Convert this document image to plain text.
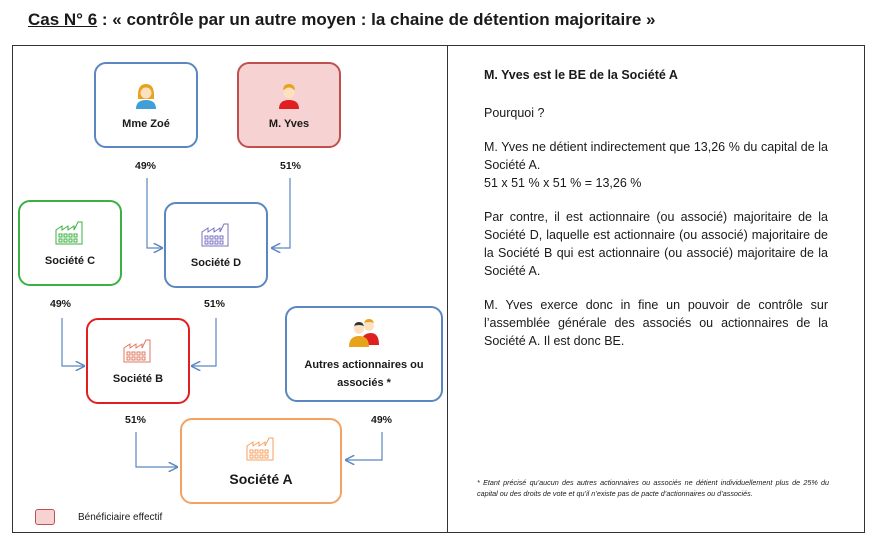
Cas N° 6 : « contrôle par un autre moyen : la chaine de détention majoritaire »
Mme Zoé	M. Yves
49%	51%
Société C	Société D
49%	51%
Société B
Autres actionnaires ou associés *
51%	49%
Société A
Bénéficiaire effectif

M. Yves est le BE de la Société A

Pourquoi ?

M. Yves ne détient indirectement que 13,26 % du capital de la Société A.
51 x 51 % x 51 % = 13,26 %

Par contre, il est actionnaire (ou associé) majoritaire de la Société D, laquelle est actionnaire (ou associé) majoritaire de la Société B qui est actionnaire (ou associé) majoritaire de la Société A.

M. Yves exerce donc in fine un pouvoir de contrôle sur l’assemblée générale des associés ou actionnaires de la Société A. Il est donc BE.

* Etant précisé qu’aucun des autres actionnaires ou associés ne détient individuellement plus de 25% du capital ou des droits de vote et qu’il n’existe pas de pacte d’actionnaires ou d’associés.
